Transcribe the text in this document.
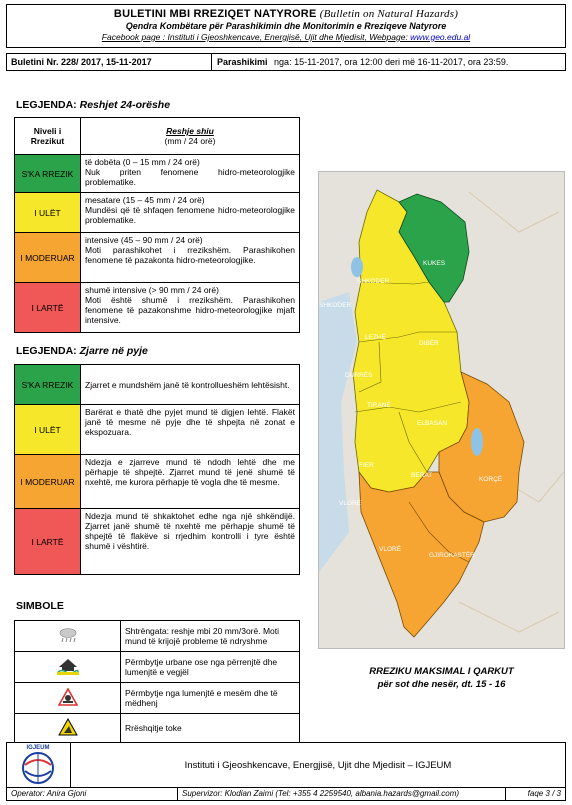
BULETINI MBI RREZIQET NATYRORE (Bulletin on Natural Hazards)
Qendra Kombëtare për Parashikimin dhe Monitorimin e Rreziqeve Natyrore
Facebook page : Instituti i Gjeoshkencave, Energjisë, Ujit dhe Mjedisit, Webpage: www.geo.edu.al
Buletini Nr. 228/ 2017, 15-11-2017	Parashikimi nga: 15-11-2017, ora 12:00 deri më 16-11-2017, ora 23:59.
LEGJENDA: Reshjet 24-orëshe
Niveli i Rrezikut	Reshje shiu
(mm / 24 orë)
S'KA RREZIK	të dobëta (0 – 15 mm / 24 orë)
Nuk priten fenomene hidro-meteorologjike problematike.

I ULËT	mesatare (15 – 45 mm / 24 orë)
Mundësi që të shfaqen fenomene hidro-meteorologjike problematike.

I MODERUAR	intensive (45 – 90 mm / 24 orë)
Moti parashikohet i rrezikshëm. Parashikohen fenomene të pazakonta hidro-meteorologjike.

I LARTË	shumë intensive (> 90 mm / 24 orë)
Moti është shumë i rrezikshëm. Parashikohen fenomene të pazakonshme hidro-meteorologjike mjaft intensive.
LEGJENDA: Zjarre në pyje
S'KA RREZIK	Zjarret e mundshëm janë të kontrollueshëm lehtësisht.
I ULËT	Barërat e thatë dhe pyjet mund të digjen lehtë. Flakët janë të mesme në pyje dhe të shpejta në zonat e ekspozuara.
I MODERUAR	Ndezja e zjarreve mund të ndodh lehtë dhe me përhapje të shpejtë. Zjarret mund të jenë shumë të nxehtë, me kurora përhapje të vogla dhe të mesme.
I LARTË	Ndezja mund të shkaktohet edhe nga një shkëndijë. Zjarret janë shumë të nxehtë me përhapje shumë të shpejtë të flakëve si rrjedhim kontrolli i tyre është shumë i vështirë.
SIMBOLE
	Shtrëngata: reshje mbi 20 mm/3orë. Moti mund të krijojë probleme të ndryshme
	Përmbytje urbane ose nga përrenjtë dhe lumenjtë e vegjël
	Përmbytje nga lumenjtë e mesëm dhe të mëdhenj
	Rrëshqitje toke
SHKODER
SHKODER
KUKES
LEZHË
DIBËR
DURRËS
TIRANË
ELBASAN
FIER
BERAT
KORÇË
VLORE
VLORË
GJIROKASTËR
RREZIKU MAKSIMAL I QARKUT
për sot dhe nesër, dt. 15 - 16
IGJEUM
Instituti i Gjeoshkencave, Energjisë, Ujit dhe Mjedisit – IGJEUM
Operator: Anira Gjoni	Supervizor: Klodian Zaimi (Tel: +355 4 2259540, albania.hazards@gmail.com)	faqe 3 / 3
